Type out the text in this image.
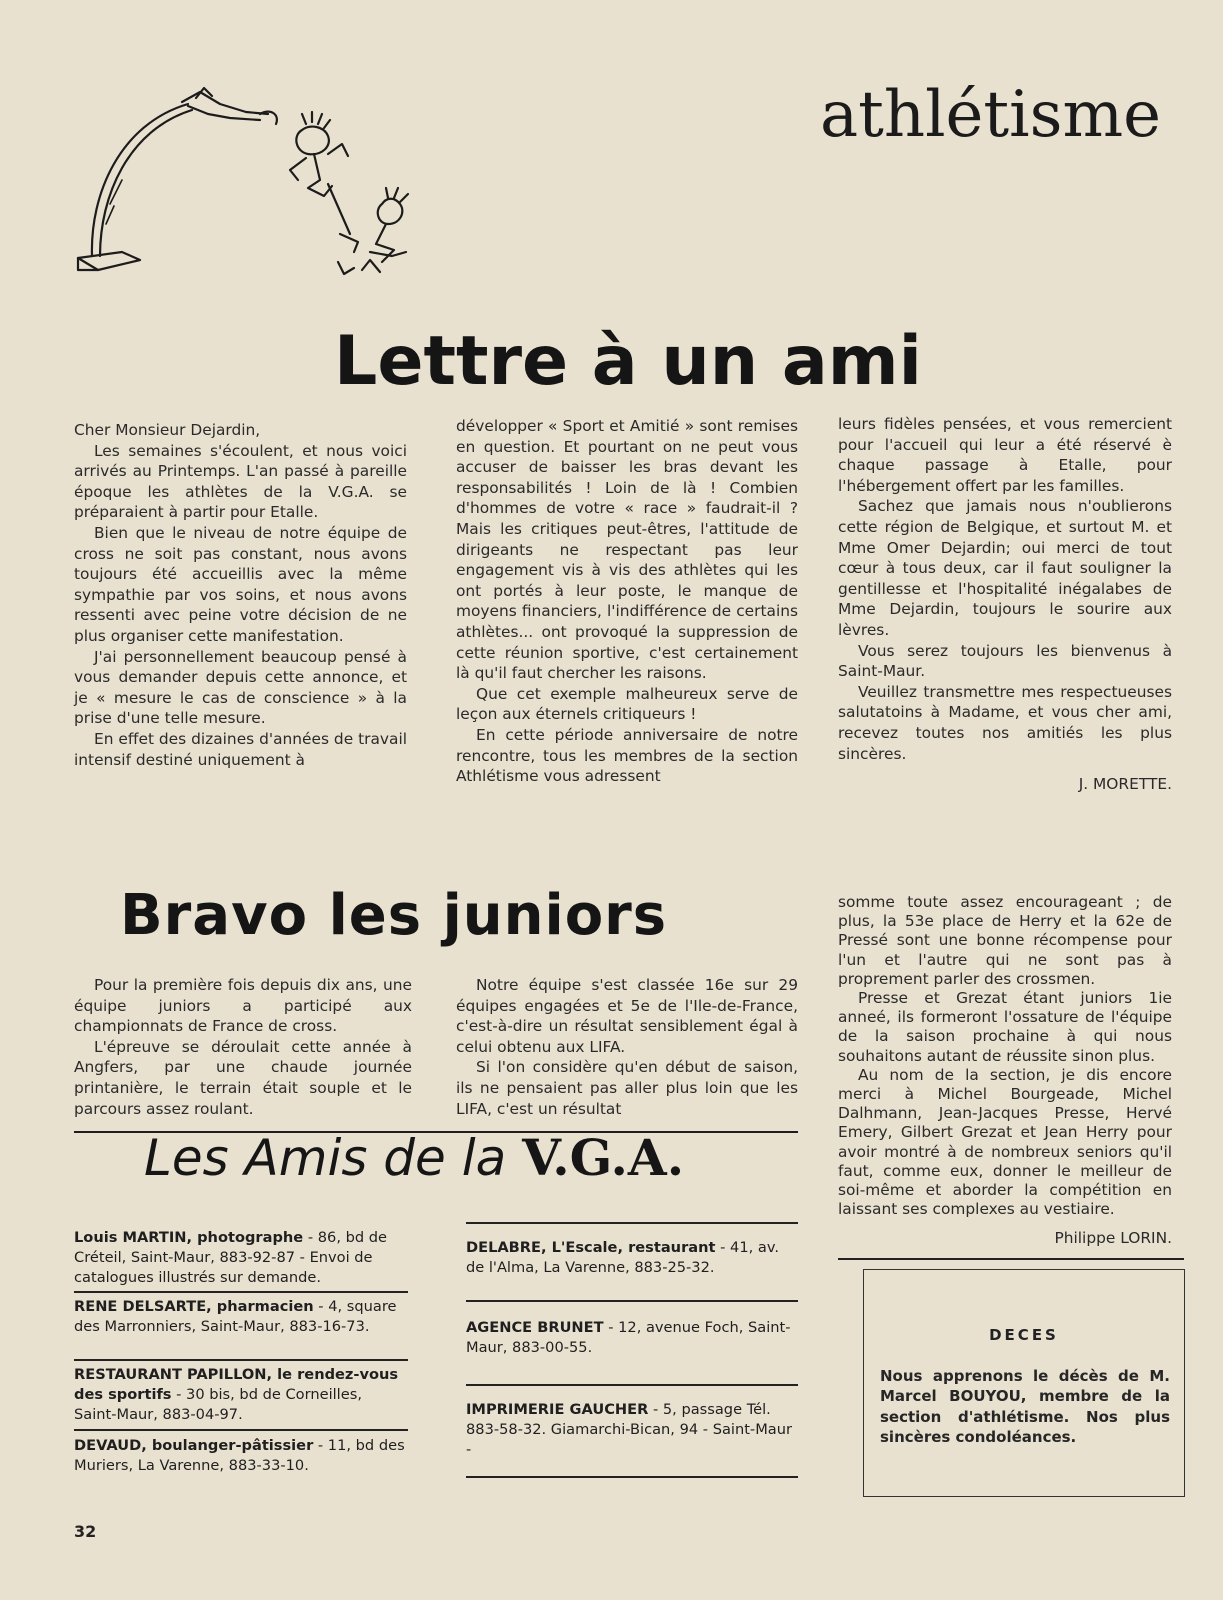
athlétisme
Lettre à un ami

Cher Monsieur Dejardin,

Les semaines s'écoulent, et nous voici arrivés au Printemps. L'an passé à pareille époque les athlètes de la V.G.A. se préparaient à partir pour Etalle.

Bien que le niveau de notre équipe de cross ne soit pas constant, nous avons toujours été accueillis avec la même sympathie par vos soins, et nous avons ressenti avec peine votre décision de ne plus organiser cette manifestation.

J'ai personnellement beaucoup pensé à vous demander depuis cette annonce, et je « mesure le cas de conscience » à la prise d'une telle mesure.

En effet des dizaines d'années de travail intensif destiné uniquement à

développer « Sport et Amitié » sont remises en question. Et pourtant on ne peut vous accuser de baisser les bras devant les responsabilités ! Loin de là ! Combien d'hommes de votre « race » faudrait-il ? Mais les critiques peut-êtres, l'attitude de dirigeants ne respectant pas leur engagement vis à vis des athlètes qui les ont portés à leur poste, le manque de moyens financiers, l'indifférence de certains athlètes... ont provoqué la suppression de cette réunion sportive, c'est certainement là qu'il faut chercher les raisons.

Que cet exemple malheureux serve de leçon aux éternels critiqueurs !

En cette période anniversaire de notre rencontre, tous les membres de la section Athlétisme vous adressent

leurs fidèles pensées, et vous remercient pour l'accueil qui leur a été réservé è chaque passage à Etalle, pour l'hébergement offert par les familles.

Sachez que jamais nous n'oublierons cette région de Belgique, et surtout M. et Mme Omer Dejardin; oui merci de tout cœur à tous deux, car il faut souligner la gentillesse et l'hospitalité inégalabes de Mme Dejardin, toujours le sourire aux lèvres.

Vous serez toujours les bienvenus à Saint-Maur.

Veuillez transmettre mes respectueuses salutatoins à Madame, et vous cher ami, recevez toutes nos amitiés les plus sincères.

J. MORETTE.

Bravo les juniors

Pour la première fois depuis dix ans, une équipe juniors a participé aux championnats de France de cross.

L'épreuve se déroulait cette année à Angfers, par une chaude journée printanière, le terrain était souple et le parcours assez roulant.

Notre équipe s'est classée 16e sur 29 équipes engagées et 5e de l'Ile-de-France, c'est-à-dire un résultat sensiblement égal à celui obtenu aux LIFA.

Si l'on considère qu'en début de saison, ils ne pensaient pas aller plus loin que les LIFA, c'est un résultat

somme toute assez encourageant ; de plus, la 53e place de Herry et la 62e de Pressé sont une bonne récompense pour l'un et l'autre qui ne sont pas à proprement parler des crossmen.

Presse et Grezat étant juniors 1ie anneé, ils formeront l'ossature de l'équipe de la saison prochaine à qui nous souhaitons autant de réussite sinon plus.

Au nom de la section, je dis encore merci à Michel Bourgeade, Michel Dalhmann, Jean-Jacques Presse, Hervé Emery, Gilbert Grezat et Jean Herry pour avoir montré à de nombreux seniors qu'il faut, comme eux, donner le meilleur de soi-même et aborder la compétition en laissant ses complexes au vestiaire.

Philippe LORIN.

Les Amis de la V.G.A.
Louis MARTIN, photographe - 86, bd de Créteil, Saint-Maur, 883-92-87 - Envoi de catalogues illustrés sur demande.
RENE DELSARTE, pharmacien - 4, square des Marronniers, Saint-Maur, 883-16-73.
RESTAURANT PAPILLON, le rendez-vous des sportifs - 30 bis, bd de Corneilles, Saint-Maur, 883-04-97.
DEVAUD, boulanger-pâtissier - 11, bd des Muriers, La Varenne, 883-33-10.
DELABRE, L'Escale, restaurant - 41, av. de l'Alma, La Varenne, 883-25-32.
AGENCE BRUNET - 12, avenue Foch, Saint-Maur, 883-00-55.
IMPRIMERIE GAUCHER - 5, passage Tél. 883-58-32. Giamarchi-Bican, 94 - Saint-Maur -
DECES
Nous apprenons le décès de M. Marcel BOUYOU, membre de la section d'athlétisme. Nos plus sincères condoléances.
32
